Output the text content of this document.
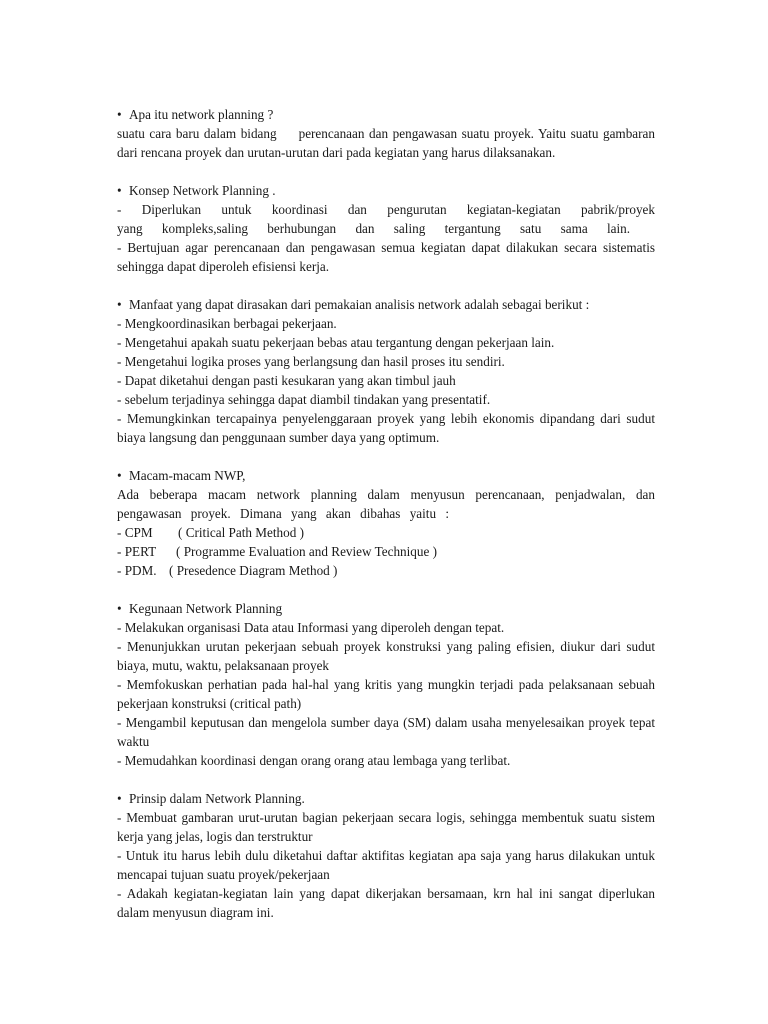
• Apa itu network planning ?

suatu cara baru dalam bidang perencanaan dan pengawasan suatu proyek. Yaitu suatu gambaran dari rencana proyek dan urutan-urutan dari pada kegiatan yang harus dilaksanakan.

• Konsep Network Planning .

- Diperlukan untuk koordinasi dan pengurutan kegiatan-kegiatan pabrik/proyek yang kompleks,saling berhubungan dan saling tergantung satu sama lain.

- Bertujuan agar perencanaan dan pengawasan semua kegiatan dapat dilakukan secara sistematis sehingga dapat diperoleh efisiensi kerja.

• Manfaat yang dapat dirasakan dari pemakaian analisis network adalah sebagai berikut :

- Mengkoordinasikan berbagai pekerjaan.

- Mengetahui apakah suatu pekerjaan bebas atau tergantung dengan pekerjaan lain.

- Mengetahui logika proses yang berlangsung dan hasil proses itu sendiri.

- Dapat diketahui dengan pasti kesukaran yang akan timbul jauh

- sebelum terjadinya sehingga dapat diambil tindakan yang presentatif.

- Memungkinkan tercapainya penyelenggaraan proyek yang lebih ekonomis dipandang dari sudut biaya langsung dan penggunaan sumber daya yang optimum.

• Macam-macam NWP,

Ada beberapa macam network planning dalam menyusun perencanaan, penjadwalan, dan pengawasan proyek. Dimana yang akan dibahas yaitu :

- CPM ( Critical Path Method )

- PERT ( Programme Evaluation and Review Technique )

- PDM. ( Presedence Diagram Method )

• Kegunaan Network Planning

- Melakukan organisasi Data atau Informasi yang diperoleh dengan tepat.

- Menunjukkan urutan pekerjaan sebuah proyek konstruksi yang paling efisien, diukur dari sudut biaya, mutu, waktu, pelaksanaan proyek

- Memfokuskan perhatian pada hal-hal yang kritis yang mungkin terjadi pada pelaksanaan sebuah pekerjaan konstruksi (critical path)

- Mengambil keputusan dan mengelola sumber daya (SM) dalam usaha menyelesaikan proyek tepat waktu

- Memudahkan koordinasi dengan orang orang atau lembaga yang terlibat.

• Prinsip dalam Network Planning.

- Membuat gambaran urut-urutan bagian pekerjaan secara logis, sehingga membentuk suatu sistem kerja yang jelas, logis dan terstruktur

- Untuk itu harus lebih dulu diketahui daftar aktifitas kegiatan apa saja yang harus dilakukan untuk mencapai tujuan suatu proyek/pekerjaan

- Adakah kegiatan-kegiatan lain yang dapat dikerjakan bersamaan, krn hal ini sangat diperlukan dalam menyusun diagram ini.
